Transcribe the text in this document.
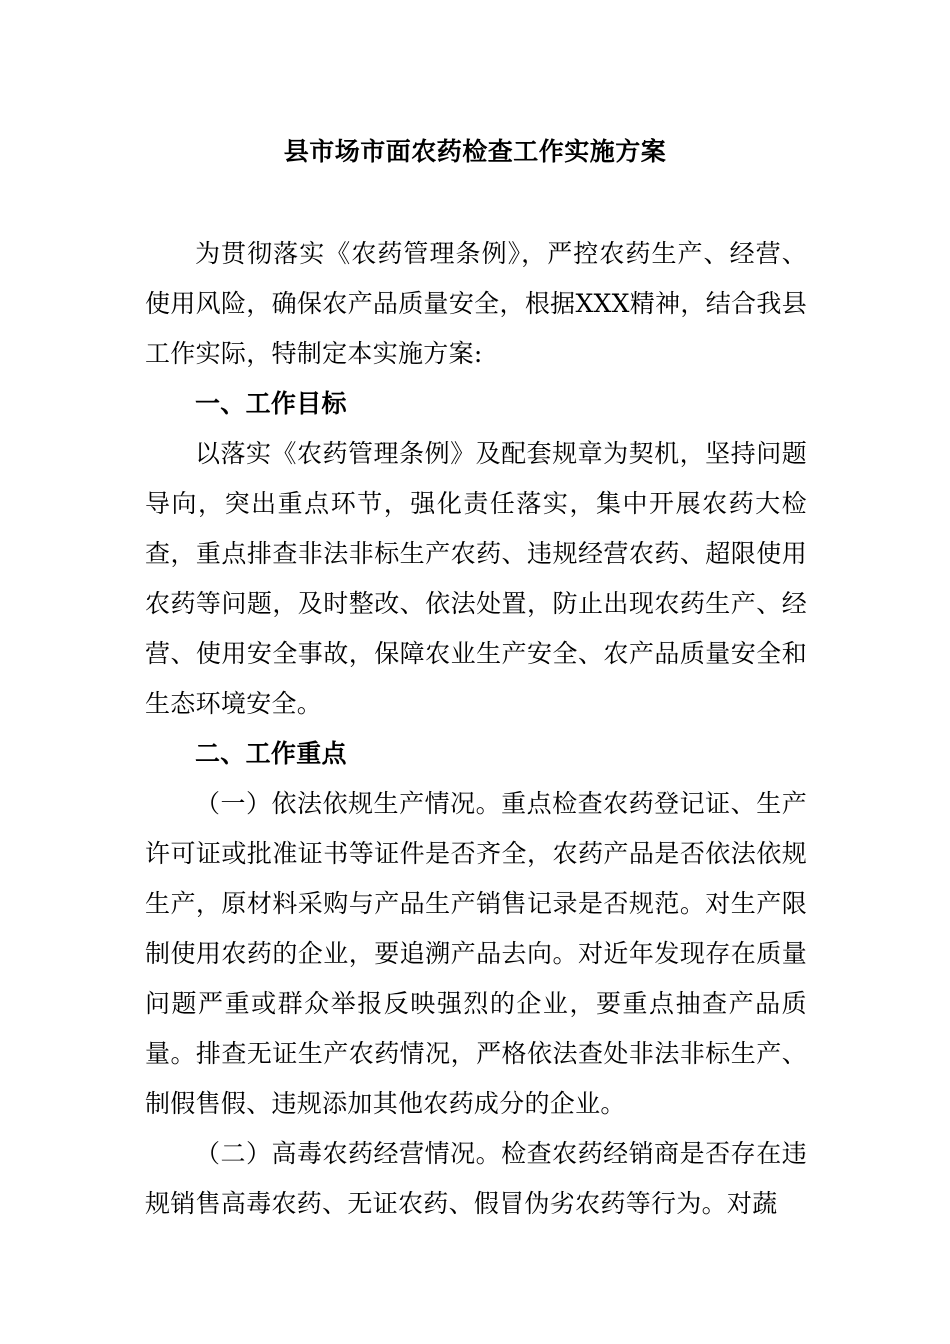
县市场市面农药检查工作实施方案

为贯彻落实《农药管理条例》，严控农药生产、经营、使用风险，确保农产品质量安全，根据XXX精神，结合我县工作实际，特制定本实施方案:

一、工作目标

以落实《农药管理条例》及配套规章为契机，坚持问题导向，突出重点环节，强化责任落实，集中开展农药大检查，重点排查非法非标生产农药、违规经营农药、超限使用农药等问题，及时整改、依法处置，防止出现农药生产、经营、使用安全事故，保障农业生产安全、农产品质量安全和生态环境安全。

二、工作重点

（一）依法依规生产情况。重点检查农药登记证、生产许可证或批准证书等证件是否齐全，农药产品是否依法依规生产，原材料采购与产品生产销售记录是否规范。对生产限制使用农药的企业，要追溯产品去向。对近年发现存在质量问题严重或群众举报反映强烈的企业，要重点抽查产品质量。排查无证生产农药情况，严格依法查处非法非标生产、制假售假、违规添加其他农药成分的企业。

（二）高毒农药经营情况。检查农药经销商是否存在违规销售高毒农药、无证农药、假冒伪劣农药等行为。对蔬
